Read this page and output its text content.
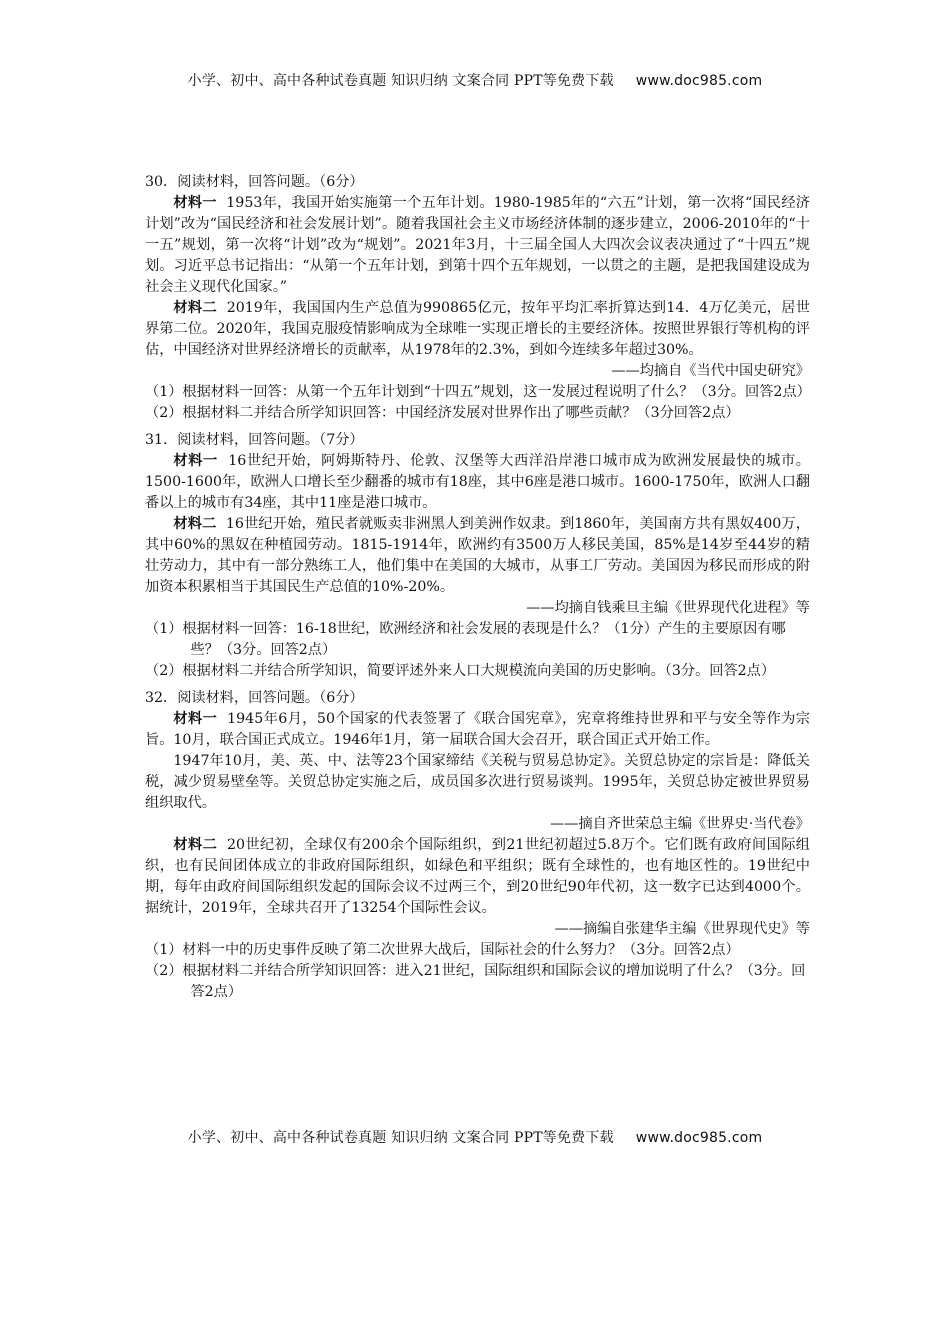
小学、初中、高中各种试卷真题 知识归纳 文案合同 PPT等免费下载 www.doc985.com

30．阅读材料，回答问题。（6分）

材料一 1953年，我国开始实施第一个五年计划。1980-1985年的“六五”计划，第一次将“国民经济计划”改为“国民经济和社会发展计划”。随着我国社会主义市场经济体制的逐步建立，2006-2010年的“十一五”规划，第一次将“计划”改为“规划”。2021年3月，十三届全国人大四次会议表决通过了“十四五”规划。习近平总书记指出：“从第一个五年计划，到第十四个五年规划，一以贯之的主题，是把我国建设成为社会主义现代化国家。”

材料二 2019年，我国国内生产总值为990865亿元，按年平均汇率折算达到14．4万亿美元，居世界第二位。2020年，我国克服疫情影响成为全球唯一实现正增长的主要经济体。按照世界银行等机构的评估，中国经济对世界经济增长的贡献率，从1978年的2.3%，到如今连续多年超过30%。

——均摘自《当代中国史研究》

（1）根据材料一回答：从第一个五年计划到“十四五”规划，这一发展过程说明了什么？（3分。回答2点）

（2）根据材料二并结合所学知识回答：中国经济发展对世界作出了哪些贡献？（3分回答2点）

31．阅读材料，回答问题。（7分）

材料一 16世纪开始，阿姆斯特丹、伦敦、汉堡等大西洋沿岸港口城市成为欧洲发展最快的城市。1500-1600年，欧洲人口增长至少翻番的城市有18座，其中6座是港口城市。1600-1750年，欧洲人口翻番以上的城市有34座，其中11座是港口城市。

材料二 16世纪开始，殖民者就贩卖非洲黑人到美洲作奴隶。到1860年，美国南方共有黑奴400万，其中60%的黑奴在种植园劳动。1815-1914年，欧洲约有3500万人移民美国，85%是14岁至44岁的精壮劳动力，其中有一部分熟练工人，他们集中在美国的大城市，从事工厂劳动。美国因为移民而形成的附加资本积累相当于其国民生产总值的10%-20%。

——均摘自钱乘旦主编《世界现代化进程》等

（1）根据材料一回答：16-18世纪，欧洲经济和社会发展的表现是什么？（1分）产生的主要原因有哪些？（3分。回答2点）

（2）根据材料二并结合所学知识，简要评述外来人口大规模流向美国的历史影响。（3分。回答2点）

32．阅读材料，回答问题。（6分）

材料一 1945年6月，50个国家的代表签署了《联合国宪章》，宪章将维持世界和平与安全等作为宗旨。10月，联合国正式成立。1946年1月，第一届联合国大会召开，联合国正式开始工作。

1947年10月，美、英、中、法等23个国家缔结《关税与贸易总协定》。关贸总协定的宗旨是：降低关税，减少贸易壁垒等。关贸总协定实施之后，成员国多次进行贸易谈判。1995年，关贸总协定被世界贸易组织取代。

——摘自齐世荣总主编《世界史·当代卷》

材料二 20世纪初，全球仅有200余个国际组织，到21世纪初超过5.8万个。它们既有政府间国际组织，也有民间团体成立的非政府国际组织，如绿色和平组织；既有全球性的，也有地区性的。19世纪中期，每年由政府间国际组织发起的国际会议不过两三个，到20世纪90年代初，这一数字已达到4000个。据统计，2019年，全球共召开了13254个国际性会议。

——摘编自张建华主编《世界现代史》等

（1）材料一中的历史事件反映了第二次世界大战后，国际社会的什么努力？（3分。回答2点）

（2）根据材料二并结合所学知识回答：进入21世纪，国际组织和国际会议的增加说明了什么？（3分。回答2点）

小学、初中、高中各种试卷真题 知识归纳 文案合同 PPT等免费下载 www.doc985.com
